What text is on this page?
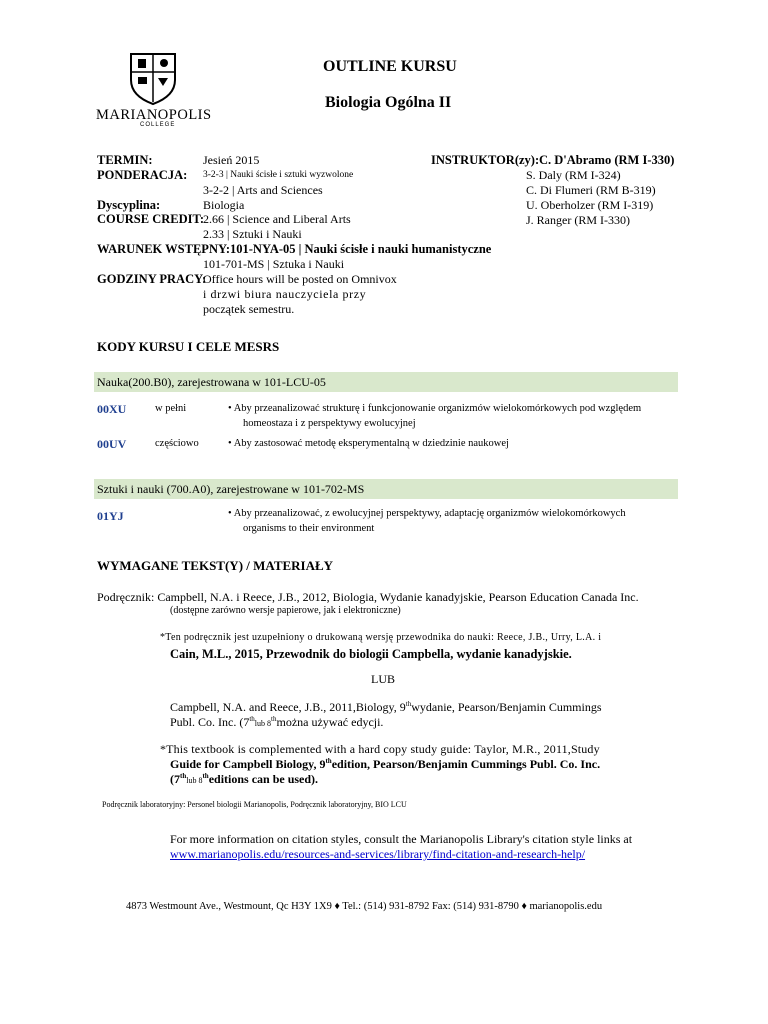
MARIANOPOLIS
COLLEGE
OUTLINE KURSU
Biologia Ogólna II
TERMIN:	Jesień 2015
PONDERACJA: 3-2-3 | Nauki ścisłe i sztuki wyzwolone
3-2-2 | Arts and Sciences
Dyscyplina:	Biologia
COURSE CREDIT:
2.66 | Science and Liberal Arts
2.33 | Sztuki i Nauki
WARUNEK WSTĘPNY: 101-NYA-05 | Nauki ścisłe i nauki humanistyczne
101-701-MS | Sztuka i Nauki
GODZINY PRACY:
Office hours will be posted on Omnivox
i drzwi biura nauczyciela przy
początek semestru.
INSTRUKTOR(zy): C. D'Abramo (RM I-330)
S. Daly (RM I-324)
C. Di Flumeri (RM B-319)
U. Oberholzer (RM I-319)
J. Ranger (RM I-330)
KODY KURSU I CELE MESRS
Nauka(200.B0), zarejestrowana w 101-LCU-05
00XU	w pełni	• Aby przeanalizować strukturę i funkcjonowanie organizmów wielokomórkowych pod względem
homeostaza i z perspektywy ewolucyjnej
00UV	częściowo	• Aby zastosować metodę eksperymentalną w dziedzinie naukowej
Sztuki i nauki (700.A0), zarejestrowane w 101-702-MS
01YJ	• Aby przeanalizować, z ewolucyjnej perspektywy, adaptację organizmów wielokomórkowych
organisms to their environment
WYMAGANE TEKST(Y) / MATERIAŁY
Podręcznik: Campbell, N.A. i Reece, J.B., 2012, Biologia, Wydanie kanadyjskie, Pearson Education Canada Inc.
(dostępne zarówno wersje papierowe, jak i elektroniczne)
*Ten podręcznik jest uzupełniony o drukowaną wersję przewodnika do nauki: Reece, J.B., Urry, L.A. i
Cain, M.L., 2015, Przewodnik do biologii Campbella, wydanie kanadyjskie.
LUB
Campbell, N.A. and Reece, J.B., 2011,Biology, 9thwydanie, Pearson/Benjamin Cummings
Publ. Co. Inc. (7thlub 8thmożna używać edycji.
*This textbook is complemented with a hard copy study guide: Taylor, M.R., 2011,Study
Guide for Campbell Biology, 9thedition, Pearson/Benjamin Cummings Publ. Co. Inc.
(7thlub 8theditions can be used).
Podręcznik laboratoryjny: Personel biologii Marianopolis, Podręcznik laboratoryjny, BIO LCU
For more information on citation styles, consult the Marianopolis Library's citation style links at
www.marianopolis.edu/resources-and-services/library/find-citation-and-research-help/
4873 Westmount Ave., Westmount, Qc H3Y 1X9 ♦ Tel.: (514) 931-8792 Fax: (514) 931-8790 ♦ marianopolis.edu
